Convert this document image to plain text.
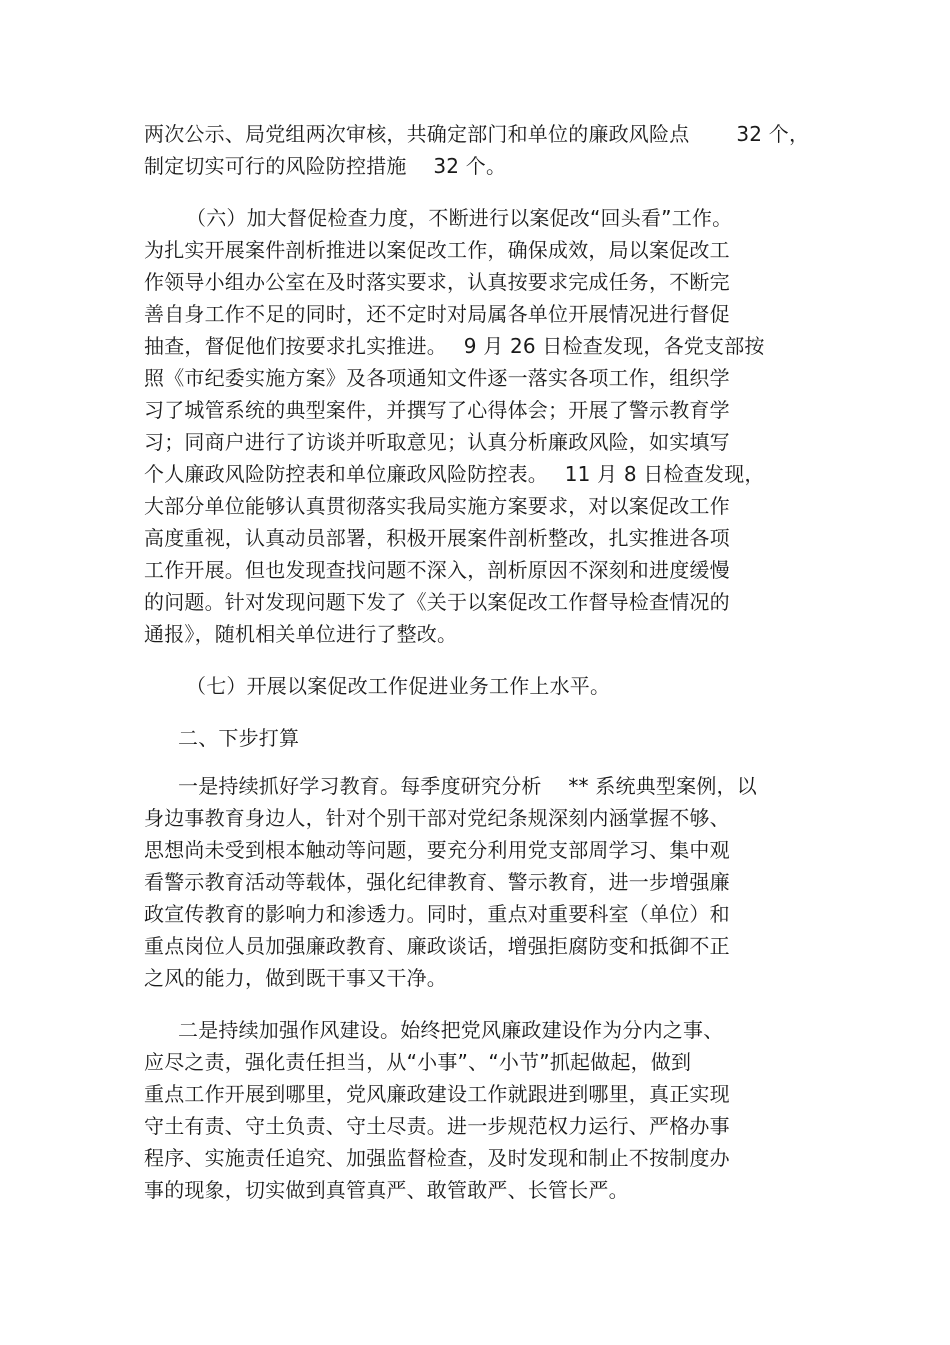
两次公示、局党组两次审核，共确定部门和单位的廉政风险点　　 32 个，
制定切实可行的风险防控措施　 32 个。
（六）加大督促检查力度，不断进行以案促改“回头看”工作。
为扎实开展案件剖析推进以案促改工作，确保成效，局以案促改工
作领导小组办公室在及时落实要求，认真按要求完成任务，不断完
善自身工作不足的同时，还不定时对局属各单位开展情况进行督促
抽查，督促他们按要求扎实推进。　 9 月 26 日检查发现，各党支部按
照《市纪委实施方案》及各项通知文件逐一落实各项工作，组织学
习了城管系统的典型案件，并撰写了心得体会；开展了警示教育学
习；同商户进行了访谈并听取意见；认真分析廉政风险，如实填写
个人廉政风险防控表和单位廉政风险防控表。　 11 月 8 日检查发现，
大部分单位能够认真贯彻落实我局实施方案要求，对以案促改工作
高度重视，认真动员部署，积极开展案件剖析整改，扎实推进各项
工作开展。但也发现查找问题不深入，剖析原因不深刻和进度缓慢
的问题。针对发现问题下发了《关于以案促改工作督导检查情况的
通报》，随机相关单位进行了整改。
（七）开展以案促改工作促进业务工作上水平。
二、下步打算
一是持续抓好学习教育。每季度研究分析　 ** 系统典型案例，以
身边事教育身边人，针对个别干部对党纪条规深刻内涵掌握不够、
思想尚未受到根本触动等问题，要充分利用党支部周学习、集中观
看警示教育活动等载体，强化纪律教育、警示教育，进一步增强廉
政宣传教育的影响力和渗透力。同时，重点对重要科室（单位）和
重点岗位人员加强廉政教育、廉政谈话，增强拒腐防变和抵御不正
之风的能力，做到既干事又干净。
二是持续加强作风建设。始终把党风廉政建设作为分内之事、
应尽之责，强化责任担当，从“小事”、“小节”抓起做起，做到
重点工作开展到哪里，党风廉政建设工作就跟进到哪里，真正实现
守土有责、守土负责、守土尽责。进一步规范权力运行、严格办事
程序、实施责任追究、加强监督检查，及时发现和制止不按制度办
事的现象，切实做到真管真严、敢管敢严、长管长严。
